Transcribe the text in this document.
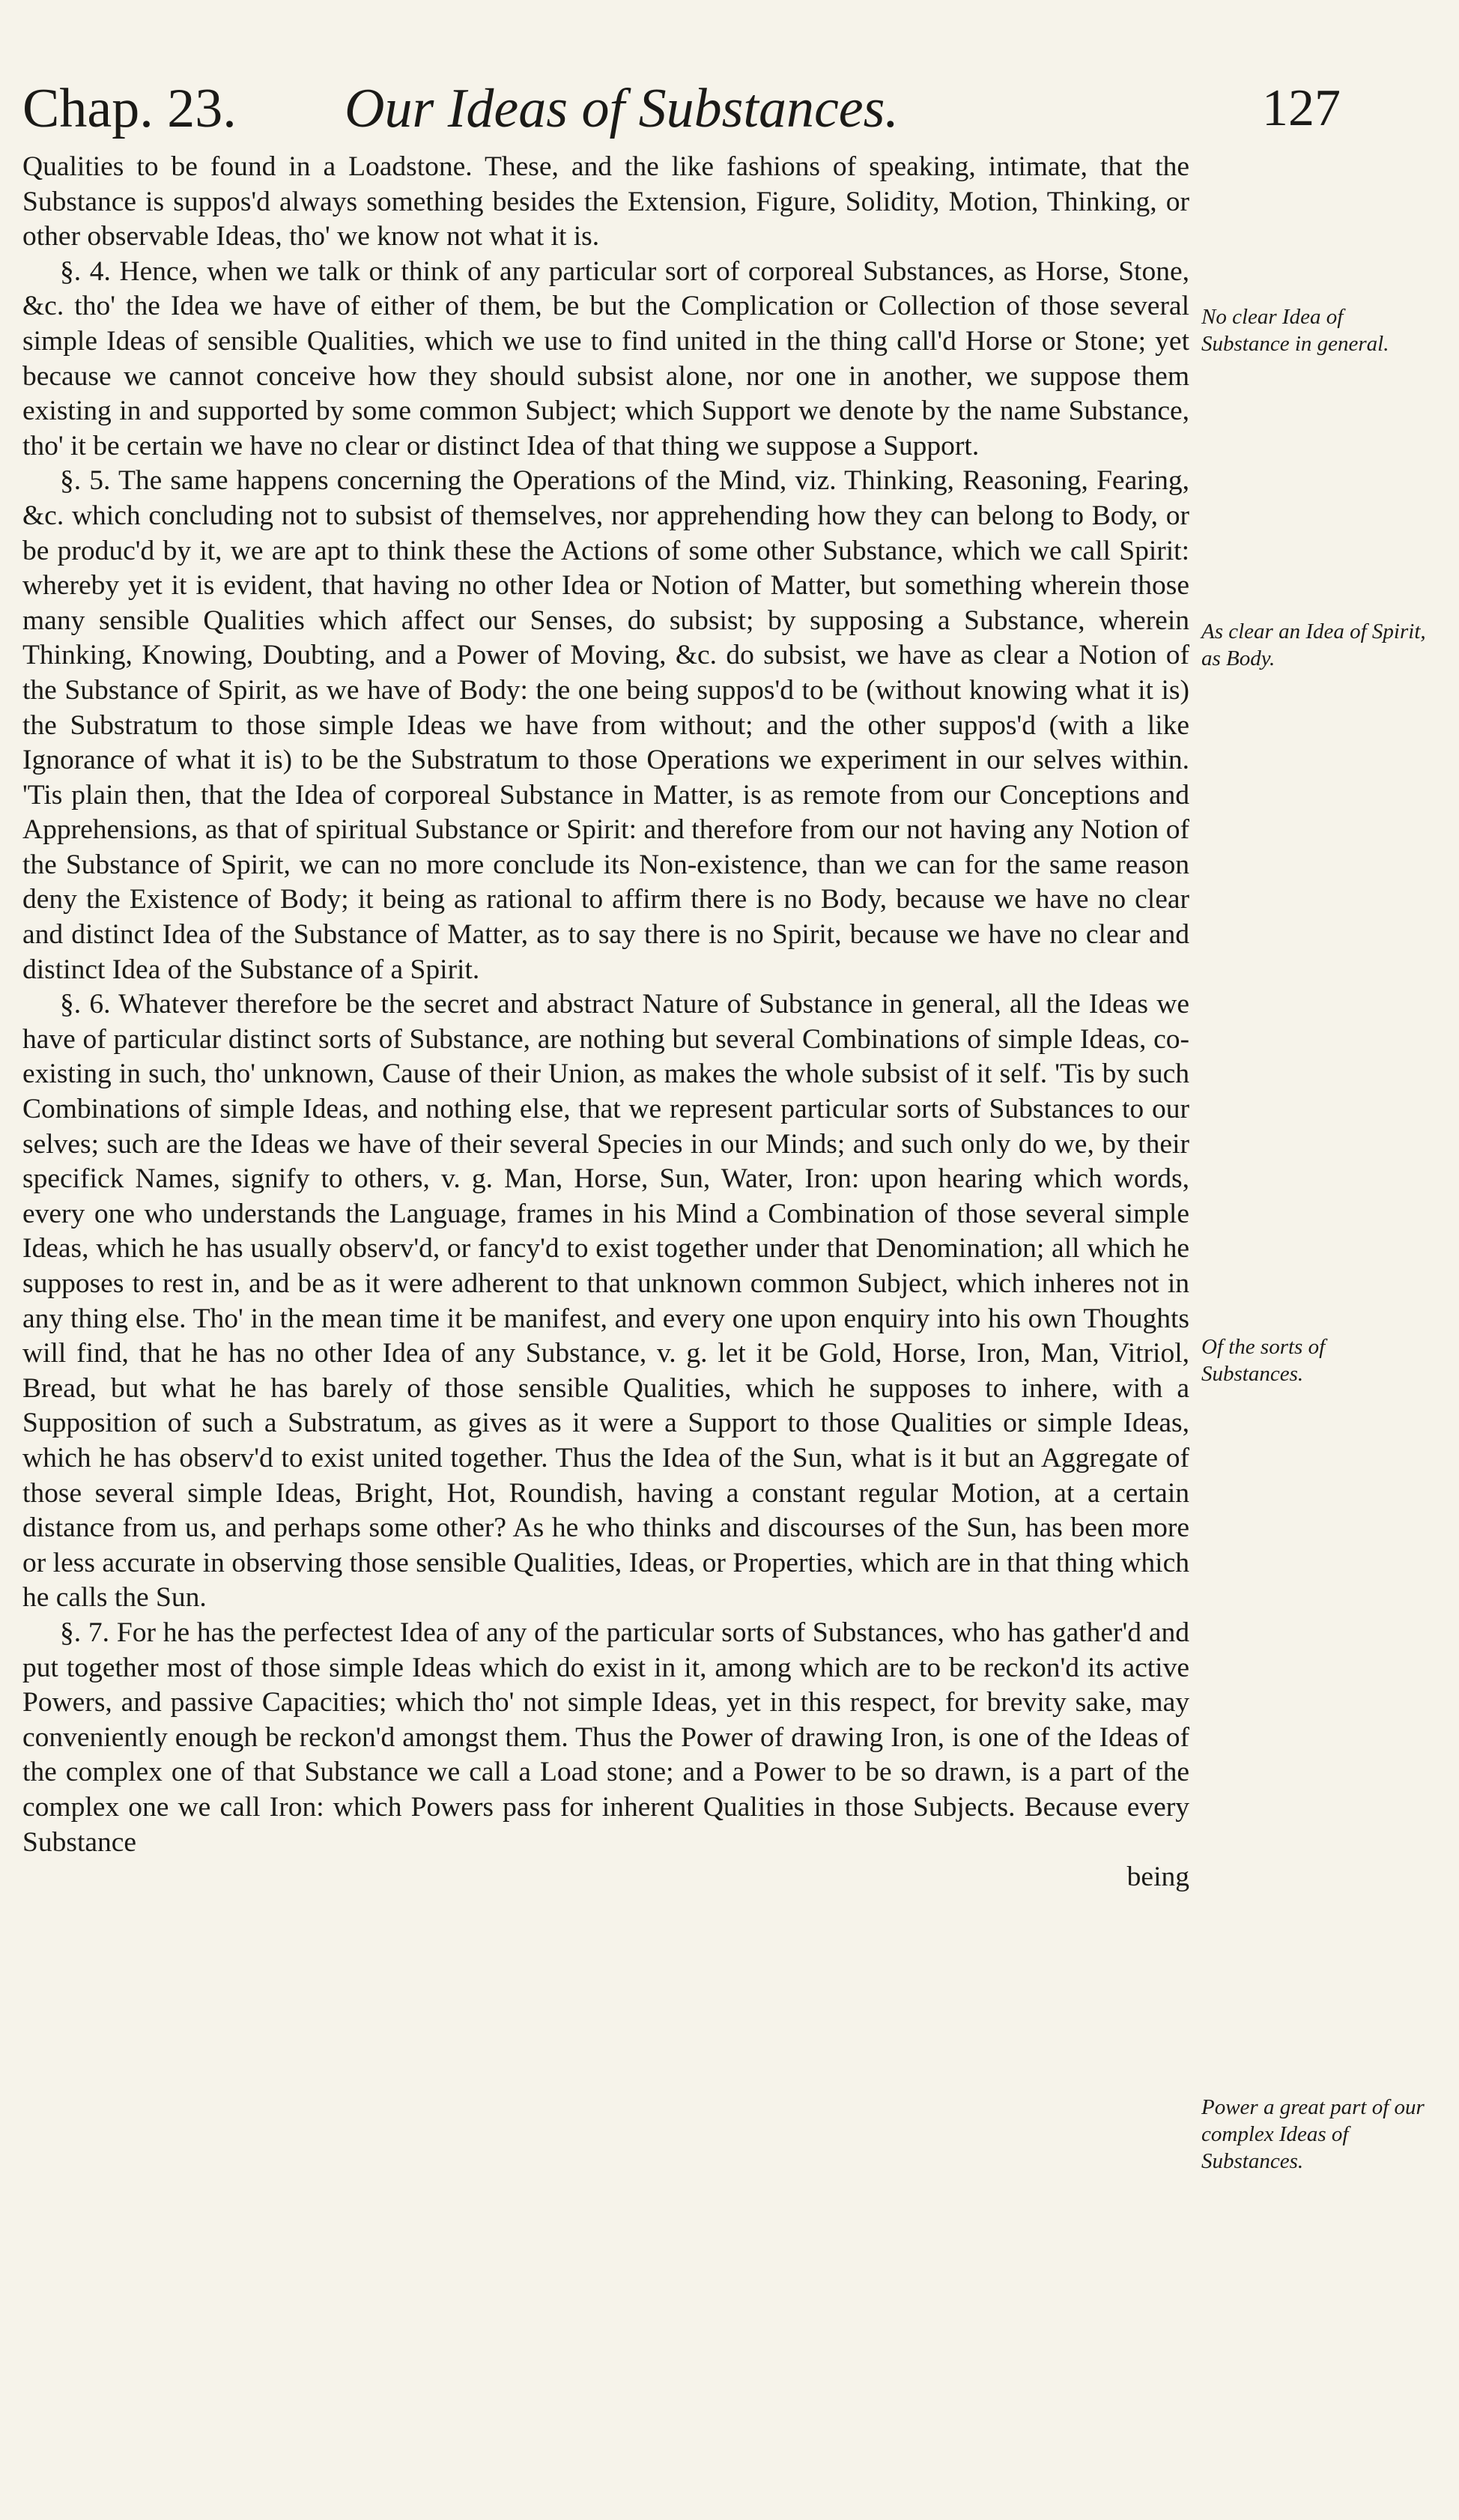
Chap. 23. Our Ideas of Substances.	127

Qualities to be found in a Loadstone. These, and the like fashions of speaking, intimate, that the Substance is suppos'd always something besides the Extension, Figure, Solidity, Motion, Thinking, or other observable Ideas, tho' we know not what it is.

§. 4. Hence, when we talk or think of any particular sort of corporeal Substances, as Horse, Stone, &c. tho' the Idea we have of either of them, be but the Complication or Collection of those several simple Ideas of sensible Qualities, which we use to find united in the thing call'd Horse or Stone; yet because we cannot conceive how they should subsist alone, nor one in another, we suppose them existing in and supported by some common Subject; which Support we denote by the name Substance, tho' it be certain we have no clear or distinct Idea of that thing we suppose a Support.

§. 5. The same happens concerning the Operations of the Mind, viz. Thinking, Reasoning, Fearing, &c. which concluding not to subsist of themselves, nor apprehending how they can belong to Body, or be produc'd by it, we are apt to think these the Actions of some other Substance, which we call Spirit: whereby yet it is evident, that having no other Idea or Notion of Matter, but something wherein those many sensible Qualities which affect our Senses, do subsist; by supposing a Substance, wherein Thinking, Knowing, Doubting, and a Power of Moving, &c. do subsist, we have as clear a Notion of the Substance of Spirit, as we have of Body: the one being suppos'd to be (without knowing what it is) the Substratum to those simple Ideas we have from without; and the other suppos'd (with a like Ignorance of what it is) to be the Substratum to those Operations we experiment in our selves within. 'Tis plain then, that the Idea of corporeal Substance in Matter, is as remote from our Conceptions and Apprehensions, as that of spiritual Substance or Spirit: and therefore from our not having any Notion of the Substance of Spirit, we can no more conclude its Non-existence, than we can for the same reason deny the Existence of Body; it being as rational to affirm there is no Body, because we have no clear and distinct Idea of the Substance of Matter, as to say there is no Spirit, because we have no clear and distinct Idea of the Substance of a Spirit.

§. 6. Whatever therefore be the secret and abstract Nature of Substance in general, all the Ideas we have of particular distinct sorts of Substance, are nothing but several Combinations of simple Ideas, co-existing in such, tho' unknown, Cause of their Union, as makes the whole subsist of it self. 'Tis by such Combinations of simple Ideas, and nothing else, that we represent particular sorts of Substances to our selves; such are the Ideas we have of their several Species in our Minds; and such only do we, by their specifick Names, signify to others, v. g. Man, Horse, Sun, Water, Iron: upon hearing which words, every one who understands the Language, frames in his Mind a Combination of those several simple Ideas, which he has usually observ'd, or fancy'd to exist together under that Denomination; all which he supposes to rest in, and be as it were adherent to that unknown common Subject, which inheres not in any thing else. Tho' in the mean time it be manifest, and every one upon enquiry into his own Thoughts will find, that he has no other Idea of any Substance, v. g. let it be Gold, Horse, Iron, Man, Vitriol, Bread, but what he has barely of those sensible Qualities, which he supposes to inhere, with a Supposition of such a Substratum, as gives as it were a Support to those Qualities or simple Ideas, which he has observ'd to exist united together. Thus the Idea of the Sun, what is it but an Aggregate of those several simple Ideas, Bright, Hot, Roundish, having a constant regular Motion, at a certain distance from us, and perhaps some other? As he who thinks and discourses of the Sun, has been more or less accurate in observing those sensible Qualities, Ideas, or Properties, which are in that thing which he calls the Sun.

§. 7. For he has the perfectest Idea of any of the particular sorts of Substances, who has gather'd and put together most of those simple Ideas which do exist in it, among which are to be reckon'd its active Powers, and passive Capacities; which tho' not simple Ideas, yet in this respect, for brevity sake, may conveniently enough be reckon'd amongst them. Thus the Power of drawing Iron, is one of the Ideas of the complex one of that Substance we call a Load stone; and a Power to be so drawn, is a part of the complex one we call Iron: which Powers pass for inherent Qualities in those Subjects. Because every Substance

being

No clear Idea of Substance in general.
As clear an Idea of Spirit, as Body.
Of the sorts of Substances.
Power a great part of our complex Ideas of Substances.
